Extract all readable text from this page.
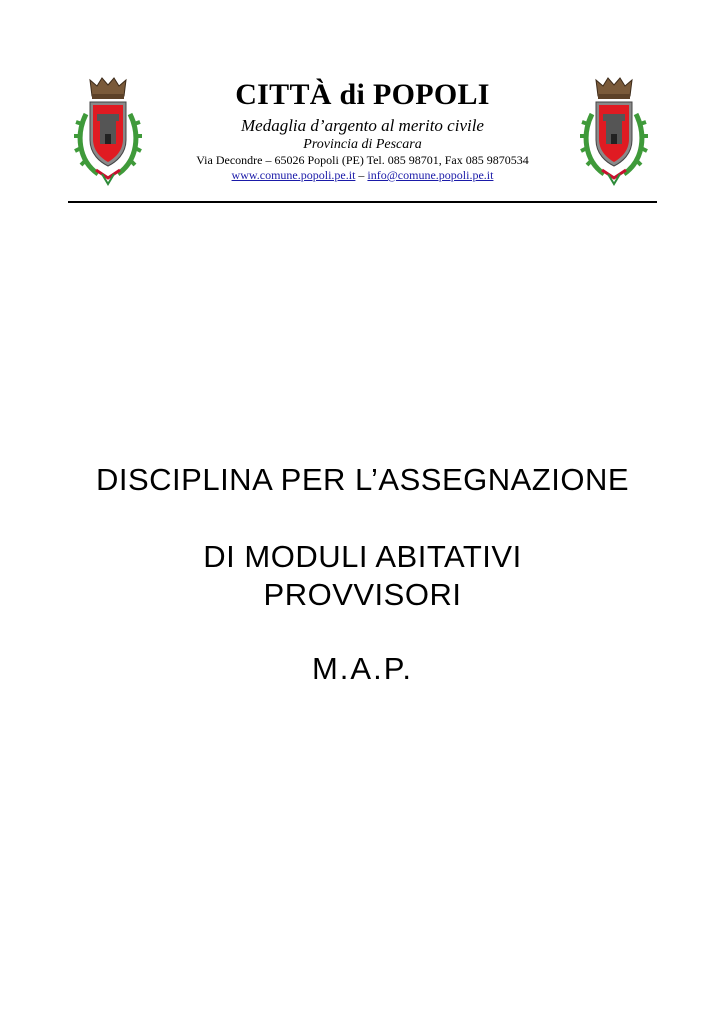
CITTÀ di POPOLI
Medaglia d’argento al merito civile
Provincia di Pescara
Via Decondre – 65026 Popoli (PE) Tel. 085 98701, Fax 085 9870534
www.comune.popoli.pe.it – info@comune.popoli.pe.it
DISCIPLINA PER L’ASSEGNAZIONE
DI MODULI ABITATIVI
PROVVISORI
M.A.P.
